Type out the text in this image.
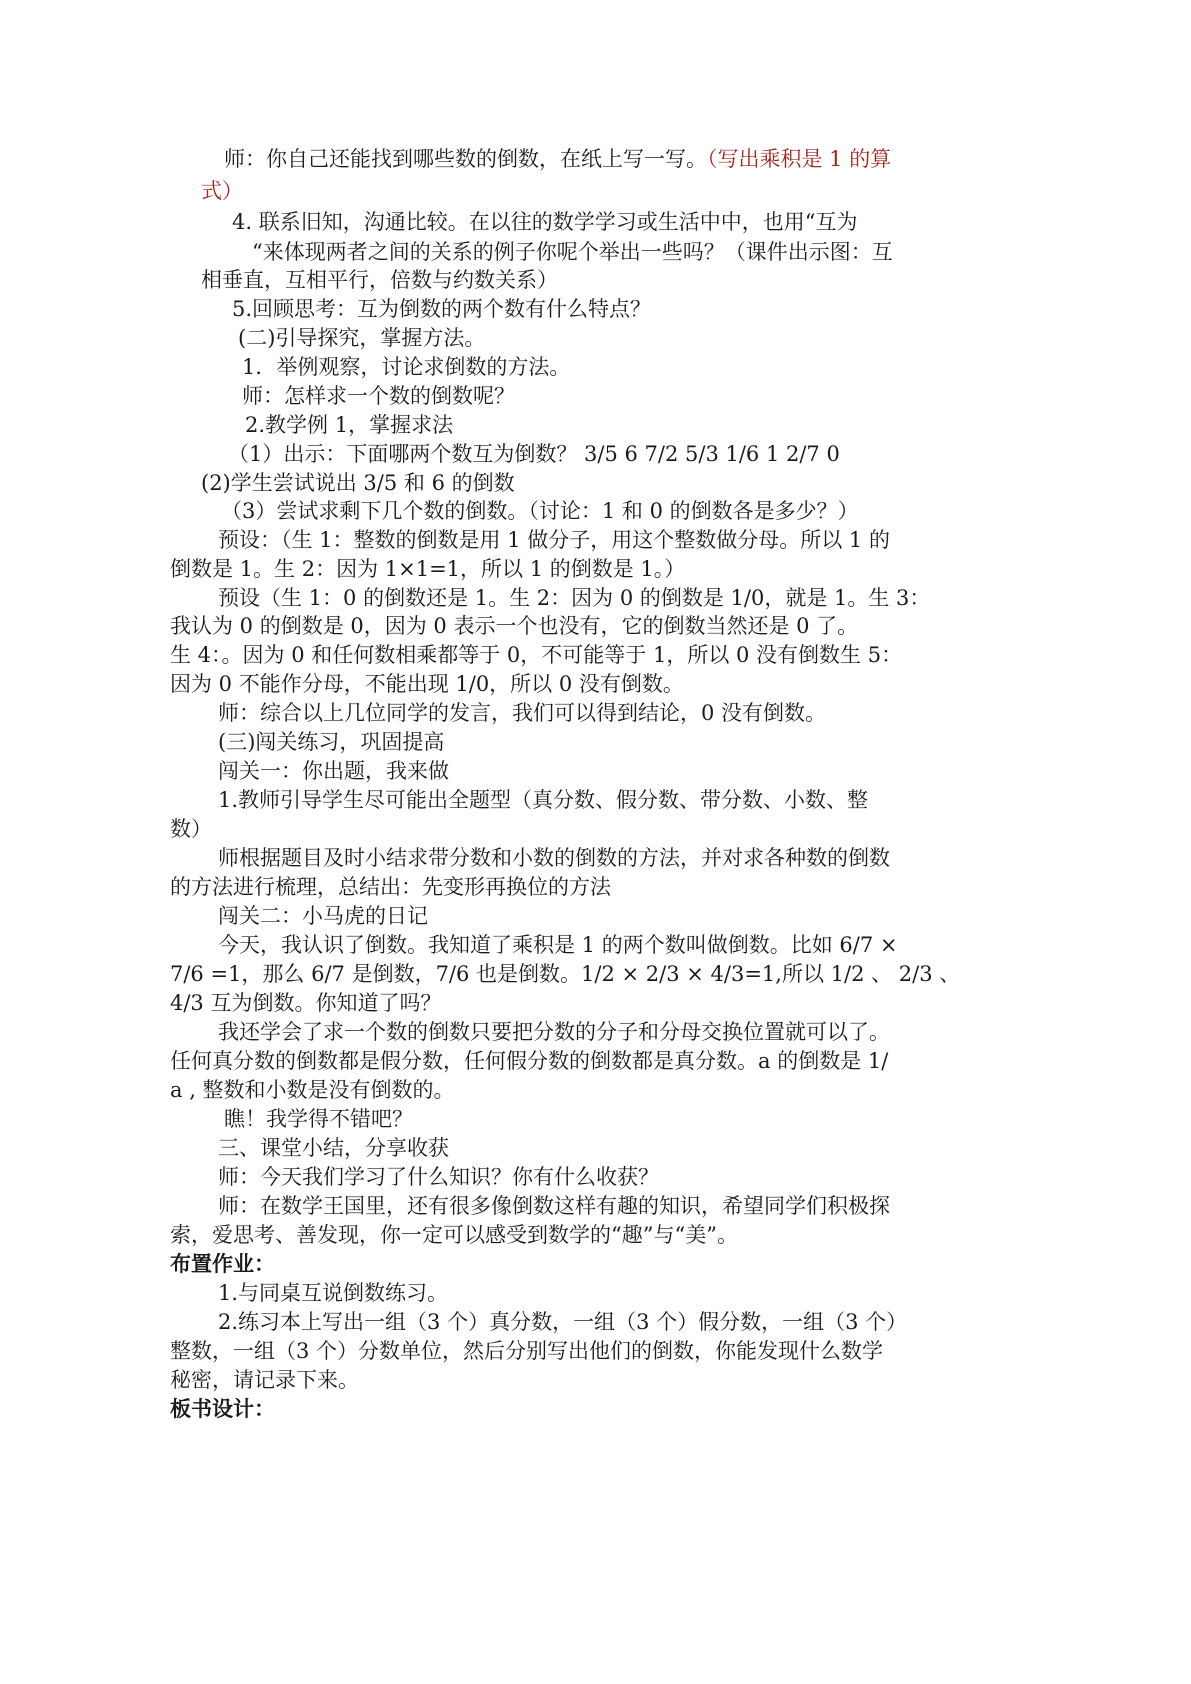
师：你自己还能找到哪些数的倒数，在纸上写一写。（写出乘积是 1 的算
式）
4. 联系旧知，沟通比较。在以往的数学学习或生活中中，也用“互为
“来体现两者之间的关系的例子你呢个举出一些吗？（课件出示图：互
相垂直，互相平行，倍数与约数关系）
5.回顾思考：互为倒数的两个数有什么特点？
(二)引导探究，掌握方法。
1．举例观察，讨论求倒数的方法。
师：怎样求一个数的倒数呢？
2.教学例 1，掌握求法
（1）出示：下面哪两个数互为倒数？ 3/5 6 7/2 5/3 1/6 1 2/7 0
(2)学生尝试说出 3/5 和 6 的倒数
（3）尝试求剩下几个数的倒数。（讨论：1 和 0 的倒数各是多少？）
预设：（生 1：整数的倒数是用 1 做分子，用这个整数做分母。所以 1 的
倒数是 1。生 2：因为 1×1=1，所以 1 的倒数是 1。）
预设（生 1：0 的倒数还是 1。生 2：因为 0 的倒数是 1/0，就是 1。生 3：
我认为 0 的倒数是 0，因为 0 表示一个也没有，它的倒数当然还是 0 了。
生 4：。因为 0 和任何数相乘都等于 0，不可能等于 1，所以 0 没有倒数生 5：
因为 0 不能作分母，不能出现 1/0，所以 0 没有倒数。
师：综合以上几位同学的发言，我们可以得到结论，0 没有倒数。
(三)闯关练习，巩固提高
闯关一：你出题，我来做
1.教师引导学生尽可能出全题型（真分数、假分数、带分数、小数、整
数）
师根据题目及时小结求带分数和小数的倒数的方法，并对求各种数的倒数
的方法进行梳理，总结出：先变形再换位的方法
闯关二：小马虎的日记
今天，我认识了倒数。我知道了乘积是 1 的两个数叫做倒数。比如 6/7 ×
7/6 =1，那么 6/7 是倒数，7/6 也是倒数。1/2 × 2/3 × 4/3=1,所以 1/2 、 2/3 、
4/3 互为倒数。你知道了吗？
我还学会了求一个数的倒数只要把分数的分子和分母交换位置就可以了。
任何真分数的倒数都是假分数，任何假分数的倒数都是真分数。a 的倒数是 1/
a , 整数和小数是没有倒数的。
瞧！我学得不错吧？
三、课堂小结，分享收获
师：今天我们学习了什么知识？你有什么收获？
师：在数学王国里，还有很多像倒数这样有趣的知识，希望同学们积极探
索，爱思考、善发现，你一定可以感受到数学的“趣”与“美”。
布置作业：
1.与同桌互说倒数练习。
2.练习本上写出一组（3 个）真分数，一组（3 个）假分数，一组（3 个）
整数，一组（3 个）分数单位，然后分别写出他们的倒数，你能发现什么数学
秘密，请记录下来。
板书设计：
